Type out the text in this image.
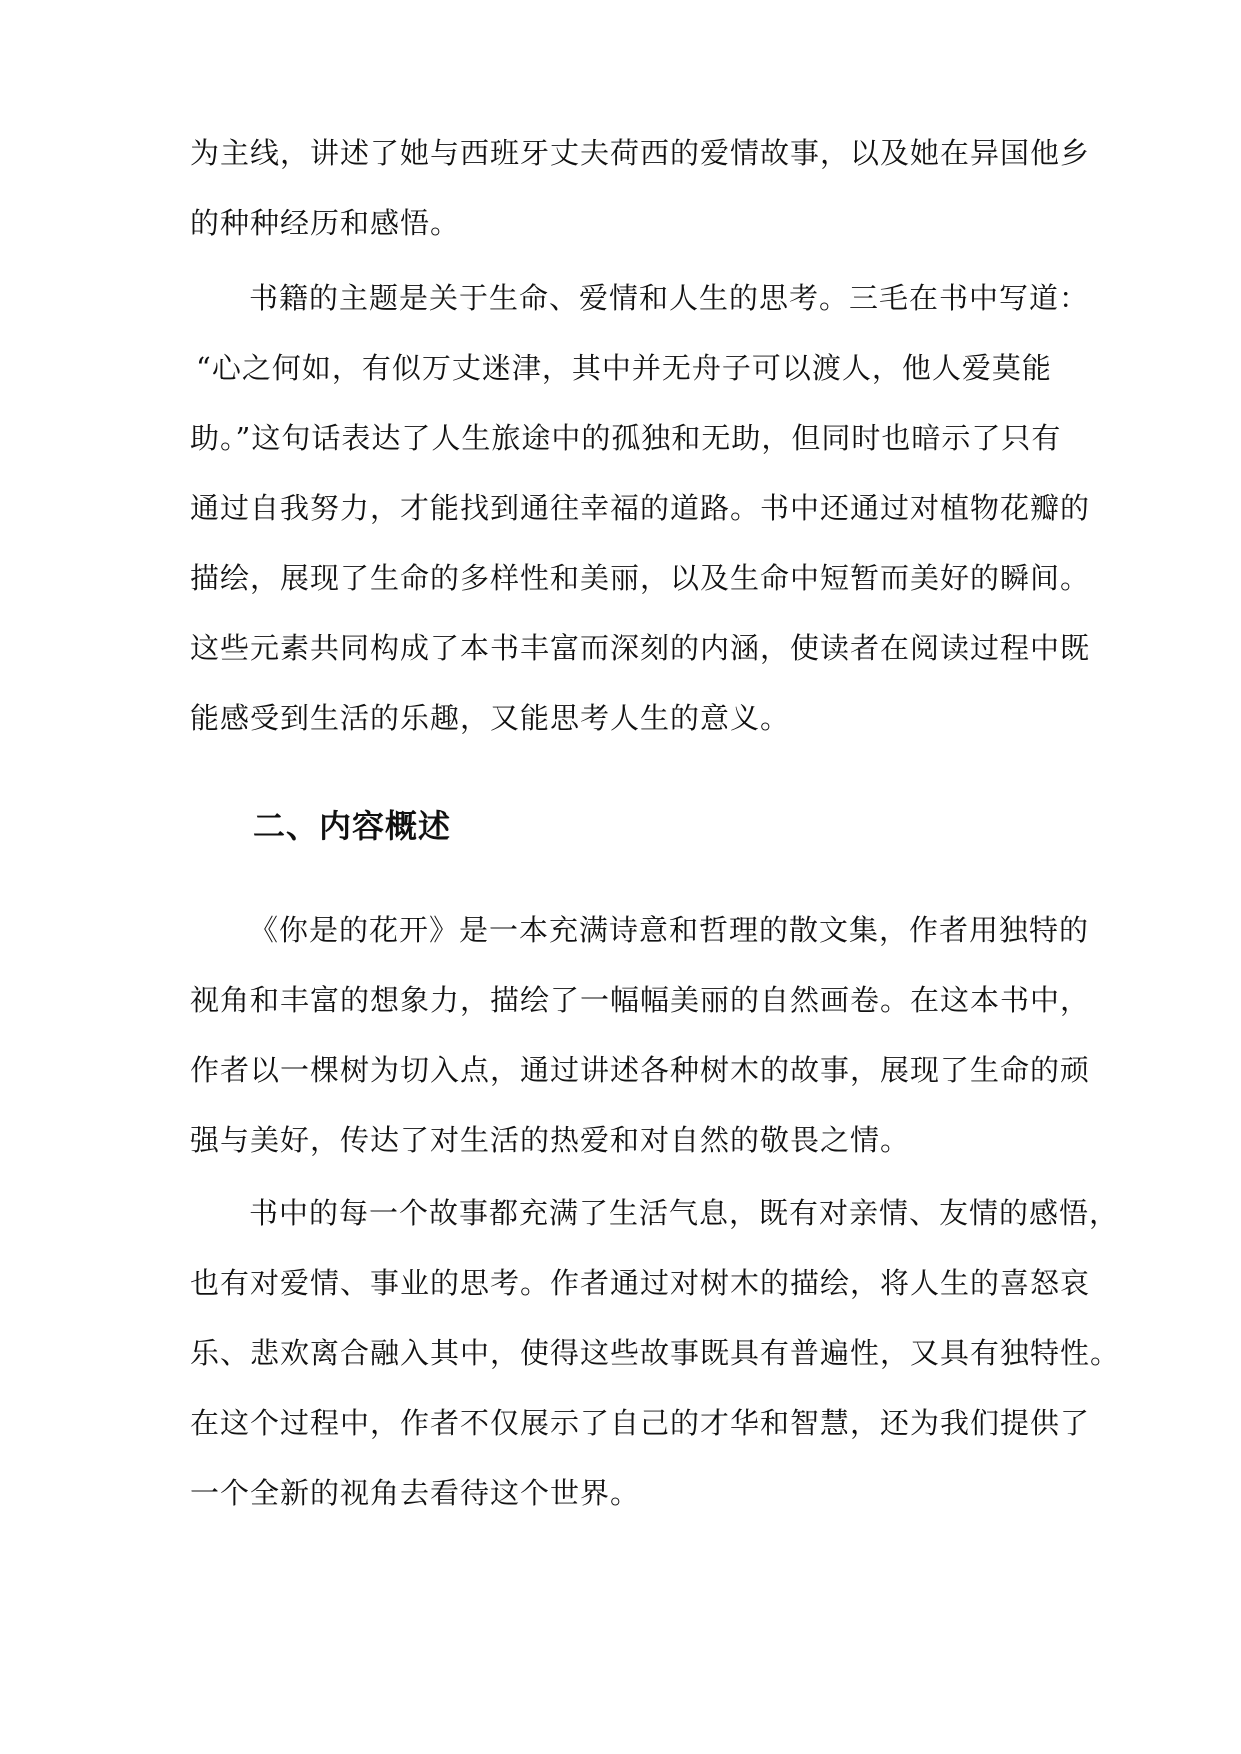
为主线，讲述了她与西班牙丈夫荷西的爱情故事，以及她在异国他乡
的种种经历和感悟。
书籍的主题是关于生命、爱情和人生的思考。三毛在书中写道：
“心之何如，有似万丈迷津，其中并无舟子可以渡人，他人爱莫能
助。”这句话表达了人生旅途中的孤独和无助，但同时也暗示了只有
通过自我努力，才能找到通往幸福的道路。书中还通过对植物花瓣的
描绘，展现了生命的多样性和美丽，以及生命中短暂而美好的瞬间。
这些元素共同构成了本书丰富而深刻的内涵，使读者在阅读过程中既
能感受到生活的乐趣，又能思考人生的意义。
二、内容概述
《你是的花开》是一本充满诗意和哲理的散文集，作者用独特的
视角和丰富的想象力，描绘了一幅幅美丽的自然画卷。在这本书中，
作者以一棵树为切入点，通过讲述各种树木的故事，展现了生命的顽
强与美好，传达了对生活的热爱和对自然的敬畏之情。
书中的每一个故事都充满了生活气息，既有对亲情、友情的感悟，
也有对爱情、事业的思考。作者通过对树木的描绘，将人生的喜怒哀
乐、悲欢离合融入其中，使得这些故事既具有普遍性，又具有独特性。
在这个过程中，作者不仅展示了自己的才华和智慧，还为我们提供了
一个全新的视角去看待这个世界。
